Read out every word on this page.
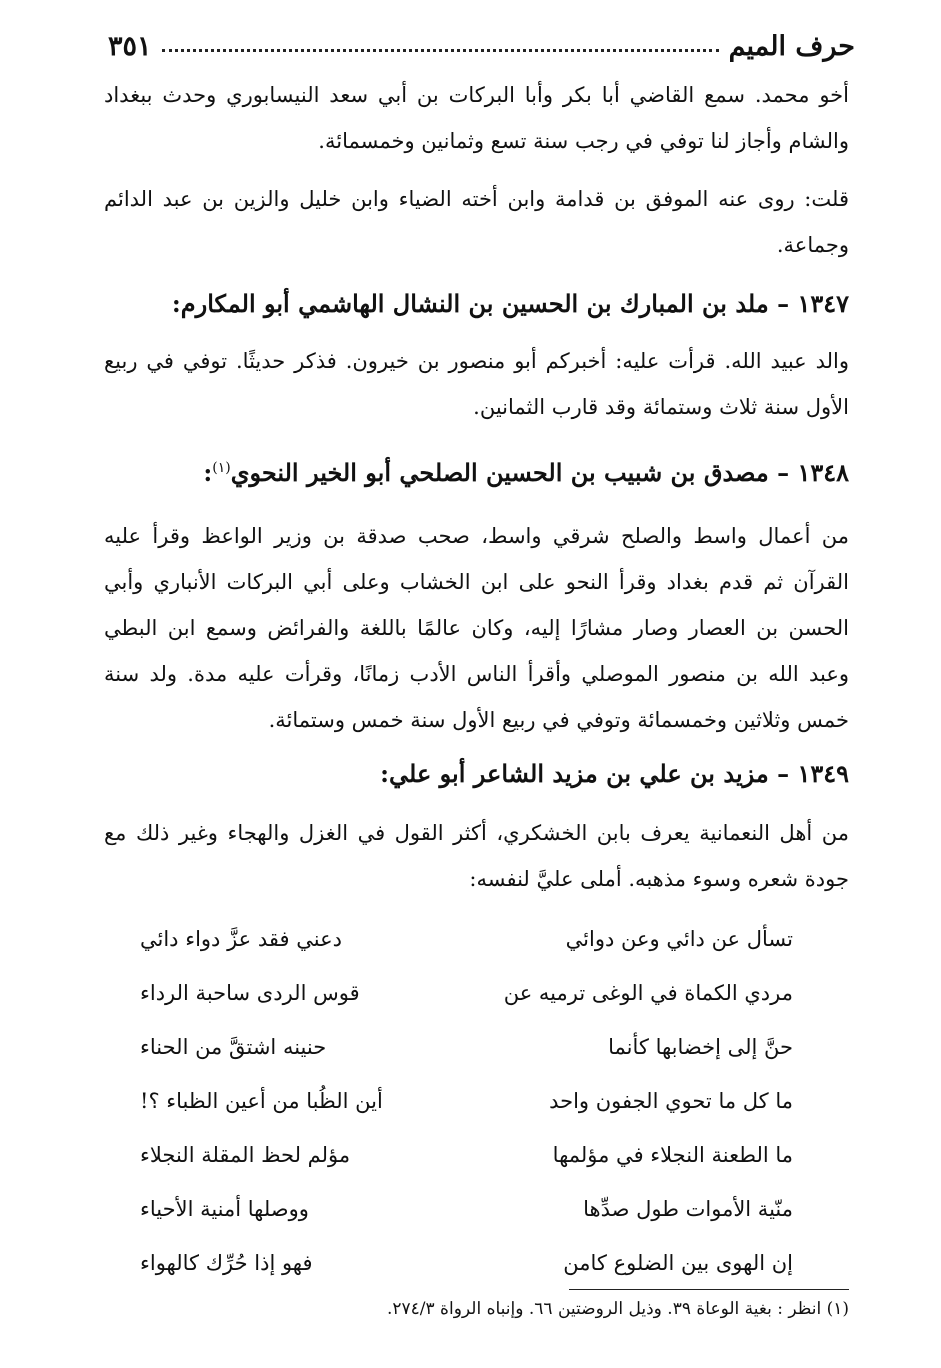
حرف الميم
٣٥١

أخو محمد. سمع القاضي أبا بكر وأبا البركات بن أبي سعد النيسابوري وحدث ببغداد والشام وأجاز لنا توفي في رجب سنة تسع وثمانين وخمسمائة.

قلت: روى عنه الموفق بن قدامة وابن أخته الضياء وابن خليل والزين بن عبد الدائم وجماعة.

١٣٤٧ – ملد بن المبارك بن الحسين بن النشال الهاشمي أبو المكارم:

والد عبيد الله. قرأت عليه: أخبركم أبو منصور بن خيرون. فذكر حديثًا. توفي في ربيع الأول سنة ثلاث وستمائة وقد قارب الثمانين.

١٣٤٨ – مصدق بن شبيب بن الحسين الصلحي أبو الخير النحوي$^{(١)}$:

من أعمال واسط والصلح شرقي واسط، صحب صدقة بن وزير الواعظ وقرأ عليه القرآن ثم قدم بغداد وقرأ النحو على ابن الخشاب وعلى أبي البركات الأنباري وأبي الحسن بن العصار وصار مشارًا إليه، وكان عالمًا باللغة والفرائض وسمع ابن البطي وعبد الله بن منصور الموصلي وأقرأ الناس الأدب زمانًا، وقرأت عليه مدة. ولد سنة خمس وثلاثين وخمسمائة وتوفي في ربيع الأول سنة خمس وستمائة.

١٣٤٩ – مزيد بن علي بن مزيد الشاعر أبو علي:

من أهل النعمانية يعرف بابن الخشكري، أكثر القول في الغزل والهجاء وغير ذلك مع جودة شعره وسوء مذهبه. أملى عليَّ لنفسه:

تسأل عن دائي وعن دوائي
دعني فقد عزَّ دواء دائي
مردي الكماة في الوغى ترميه عن
قوس الردى ساحبة الرداء
حنَّ إلى إخضابها كأنما
حنينه اشتقَّ من الحناء
ما كل ما تحوي الجفون واحد
أين الظُبا من أعين الظباء ؟!
ما الطعنة النجلاء في مؤلمها
مؤلم لحظ المقلة النجلاء
منّية الأموات طول صدِّها
ووصلها أمنية الأحياء
إن الهوى بين الضلوع كامن
فهو إذا حُرِّك كالهواء
(١) انظر : بغية الوعاة ٣٩. وذيل الروضتين ٦٦. وإنباه الرواة ٢٧٤/٣.
